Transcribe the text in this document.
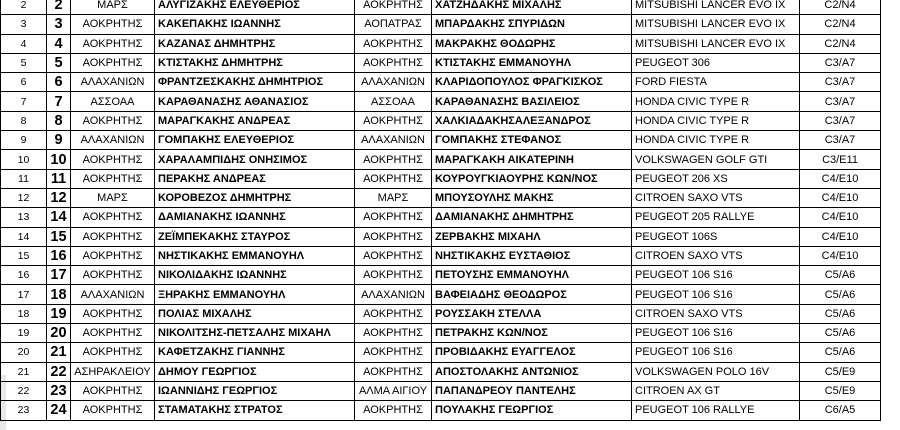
2	2	ΜΑΡΣ	ΑΛΥΓΙΖΑΚΗΣ ΕΛΕΥΘΕΡΙΟΣ	ΑΟΚΡΗΤΗΣ	ΧΑΤΖΗΔΑΚΗΣ ΜΙΧΑΛΗΣ	MITSUBISHI LANCER EVO IX	C2/N4
3	3	ΑΟΚΡΗΤΗΣ	ΚΑΚΕΠΑΚΗΣ ΙΩΑΝΝΗΣ	ΑΟΠΑΤΡΑΣ	ΜΠΑΡΔΑΚΗΣ ΣΠΥΡΙΔΩΝ	MITSUBISHI LANCER EVO IX	C2/N4
4	4	ΑΟΚΡΗΤΗΣ	ΚΑΖΑΝΑΣ ΔΗΜΗΤΡΗΣ	ΑΟΚΡΗΤΗΣ	ΜΑΚΡΑΚΗΣ ΘΟΔΩΡΗΣ	MITSUBISHI LANCER EVO IX	C2/N4
5	5	ΑΟΚΡΗΤΗΣ	ΚΤΙΣΤΑΚΗΣ ΔΗΜΗΤΡΗΣ	ΑΟΚΡΗΤΗΣ	ΚΤΙΣΤΑΚΗΣ ΕΜΜΑΝΟΥΗΛ	PEUGEOT 306	C3/A7
6	6	ΑΛΑΧΑΝΙΩΝ	ΦΡΑΝΤΖΕΣΚΑΚΗΣ ΔΗΜΗΤΡΙΟΣ	ΑΛΑΧΑΝΙΩΝ	ΚΛΑΡΙΔΟΠΟΥΛΟΣ ΦΡΑΓΚΙΣΚΟΣ	FORD FIESTA	C3/A7
7	7	ΑΣΣΟΑΑ	ΚΑΡΑΘΑΝΑΣΗΣ ΑΘΑΝΑΣΙΟΣ	ΑΣΣΟΑΑ	ΚΑΡΑΘΑΝΑΣΗΣ ΒΑΣΙΛΕΙΟΣ	HONDA CIVIC TYPE R	C3/A7
8	8	ΑΟΚΡΗΤΗΣ	ΜΑΡΑΓΚΑΚΗΣ ΑΝΔΡΕΑΣ	ΑΟΚΡΗΤΗΣ	ΧΑΛΚΙΑΔΑΚΗΣΑΛΕΞΑΝΔΡΟΣ	HONDA CIVIC TYPE R	C3/A7
9	9	ΑΛΑΧΑΝΙΩΝ	ΓΟΜΠΑΚΗΣ ΕΛΕΥΘΕΡΙΟΣ	ΑΛΑΧΑΝΙΩΝ	ΓΟΜΠΑΚΗΣ ΣΤΕΦΑΝΟΣ	HONDA CIVIC TYPE R	C3/A7
10	10	ΑΟΚΡΗΤΗΣ	ΧΑΡΑΛΑΜΠΙΔΗΣ ΟΝΗΣΙΜΟΣ	ΑΟΚΡΗΤΗΣ	ΜΑΡΑΓΚΑΚΗ ΑΙΚΑΤΕΡΙΝΗ	VOLKSWAGEN GOLF GTI	C3/E11
11	11	ΑΟΚΡΗΤΗΣ	ΠΕΡΑΚΗΣ ΑΝΔΡΕΑΣ	ΑΟΚΡΗΤΗΣ	ΚΟΥΡΟΥΓΚΙΑΟΥΡΗΣ ΚΩΝ/ΝΟΣ	PEUGEOT 206 XS	C4/E10
12	12	ΜΑΡΣ	ΚΟΡΟΒΕΖΟΣ ΔΗΜΗΤΡΗΣ	ΜΑΡΣ	ΜΠΟΥΣΟΥΛΗΣ ΜΑΚΗΣ	CITROEN SAXO VTS	C4/E10
13	14	ΑΟΚΡΗΤΗΣ	ΔΑΜΙΑΝΑΚΗΣ ΙΩΑΝΝΗΣ	ΑΟΚΡΗΤΗΣ	ΔΑΜΙΑΝΑΚΗΣ ΔΗΜΗΤΡΗΣ	PEUGEOT 205 RALLYE	C4/E10
14	15	ΑΟΚΡΗΤΗΣ	ΖΕΪΜΠΕΚΑΚΗΣ ΣΤΑΥΡΟΣ	ΑΟΚΡΗΤΗΣ	ΖΕΡΒΑΚΗΣ ΜΙΧΑΗΛ	PEUGEOT 106S	C4/E10
15	16	ΑΟΚΡΗΤΗΣ	ΝΗΣΤΙΚΑΚΗΣ ΕΜΜΑΝΟΥΗΛ	ΑΟΚΡΗΤΗΣ	ΝΗΣΤΙΚΑΚΗΣ ΕΥΣΤΑΘΙΟΣ	CITROEN SAXO VTS	C4/E10
16	17	ΑΟΚΡΗΤΗΣ	ΝΙΚΟΛΙΔΑΚΗΣ ΙΩΑΝΝΗΣ	ΑΟΚΡΗΤΗΣ	ΠΕΤΟΥΣΗΣ ΕΜΜΑΝΟΥΗΛ	PEUGEOT 106 S16	C5/A6
17	18	ΑΛΑΧΑΝΙΩΝ	ΞΗΡΑΚΗΣ ΕΜΜΑΝΟΥΗΛ	ΑΛΑΧΑΝΙΩΝ	ΒΑΦΕΙΑΔΗΣ ΘΕΟΔΩΡΟΣ	PEUGEOT 106 S16	C5/A6
18	19	ΑΟΚΡΗΤΗΣ	ΠΟΛΙΑΣ ΜΙΧΑΛΗΣ	ΑΟΚΡΗΤΗΣ	ΡΟΥΣΣΑΚΗ ΣΤΕΛΛΑ	CITROEN SAXO VTS	C5/A6
19	20	ΑΟΚΡΗΤΗΣ	ΝΙΚΟΛΙΤΣΗΣ-ΠΕΤΣΑΛΗΣ ΜΙΧΑΗΛ	ΑΟΚΡΗΤΗΣ	ΠΕΤΡΑΚΗΣ ΚΩΝ/ΝΟΣ	PEUGEOT 106 S16	C5/A6
20	21	ΑΟΚΡΗΤΗΣ	ΚΑΦΕΤΖΑΚΗΣ ΓΙΑΝΝΗΣ	ΑΟΚΡΗΤΗΣ	ΠΡΟΒΙΔΑΚΗΣ ΕΥΑΓΓΕΛΟΣ	PEUGEOT 106 S16	C5/A6
21	22	ΑΣΗΡΑΚΛΕΙΟΥ	ΔΗΜΟΥ ΓΕΩΡΓΙΟΣ	ΑΟΚΡΗΤΗΣ	ΑΠΟΣΤΟΛΑΚΗΣ ΑΝΤΩΝΙΟΣ	VOLKSWAGEN POLO 16V	C5/E9
22	23	ΑΟΚΡΗΤΗΣ	ΙΩΑΝΝΙΔΗΣ ΓΕΩΡΓΙΟΣ	ΑΛΜΑ ΑΙΓΙΟΥ	ΠΑΠΑΝΔΡΕΟΥ ΠΑΝΤΕΛΗΣ	CITROEN AX GT	C5/E9
23	24	ΑΟΚΡΗΤΗΣ	ΣΤΑΜΑΤΑΚΗΣ ΣΤΡΑΤΟΣ	ΑΟΚΡΗΤΗΣ	ΠΟΥΛΑΚΗΣ ΓΕΩΡΓΙΟΣ	PEUGEOT 106 RALLYE	C6/A5
